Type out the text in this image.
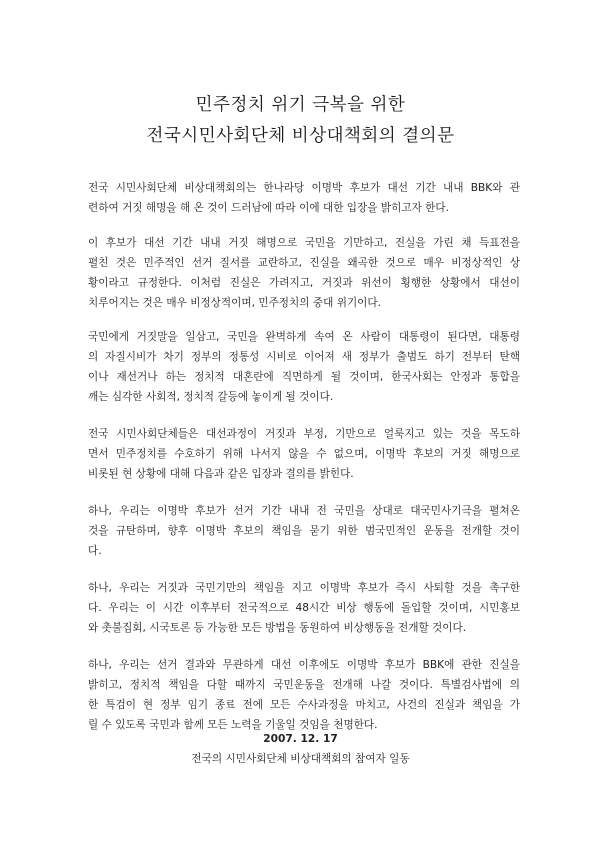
민주정치 위기 극복을 위한
전국시민사회단체 비상대책회의 결의문

전국 시민사회단체 비상대책회의는 한나라당 이명박 후보가 대선 기간 내내 BBK와 관
련하여 거짓 해명을 해 온 것이 드러남에 따라 이에 대한 입장을 밝히고자 한다.

이 후보가 대선 기간 내내 거짓 해명으로 국민을 기만하고, 진실을 가린 채 득표전을
펼친 것은 민주적인 선거 질서를 교란하고, 진실을 왜곡한 것으로 매우 비정상적인 상
황이라고 규정한다. 이처럼 진실은 가려지고, 거짓과 위선이 횡행한 상황에서 대선이
치루어지는 것은 매우 비정상적이며, 민주정치의 중대 위기이다.

국민에게 거짓말을 일삼고, 국민을 완벽하게 속여 온 사람이 대통령이 된다면, 대통령
의 자질시비가 차기 정부의 정통성 시비로 이어져 새 정부가 출범도 하기 전부터 탄핵
이나 재선거나 하는 정치적 대혼란에 직면하게 될 것이며, 한국사회는 안정과 통합을
깨는 심각한 사회적, 정치적 갈등에 놓이게 될 것이다.

전국 시민사회단체들은 대선과정이 거짓과 부정, 기만으로 얼룩지고 있는 것을 목도하
면서 민주정치를 수호하기 위해 나서지 않을 수 없으며, 이명박 후보의 거짓 해명으로
비롯된 현 상황에 대해 다음과 같은 입장과 결의를 밝힌다.

하나, 우리는 이명박 후보가 선거 기간 내내 전 국민을 상대로 대국민사기극을 펼쳐온
것을 규탄하며, 향후 이명박 후보의 책임을 묻기 위한 범국민적인 운동을 전개할 것이
다.

하나, 우리는 거짓과 국민기만의 책임을 지고 이명박 후보가 즉시 사퇴할 것을 촉구한
다. 우리는 이 시간 이후부터 전국적으로 48시간 비상 행동에 돌입할 것이며, 시민홍보
와 촛불집회, 시국토론 등 가능한 모든 방법을 동원하여 비상행동을 전개할 것이다.

하나, 우리는 선거 결과와 무관하게 대선 이후에도 이명박 후보가 BBK에 관한 진실을
밝히고, 정치적 책임을 다할 때까지 국민운동을 전개해 나갈 것이다. 특별검사법에 의
한 특검이 현 정부 임기 종료 전에 모든 수사과정을 마치고, 사건의 진실과 책임을 가
릴 수 있도록 국민과 함께 모든 노력을 기울일 것임을 천명한다.

2007. 12. 17
전국의 시민사회단체 비상대책회의 참여자 일동
